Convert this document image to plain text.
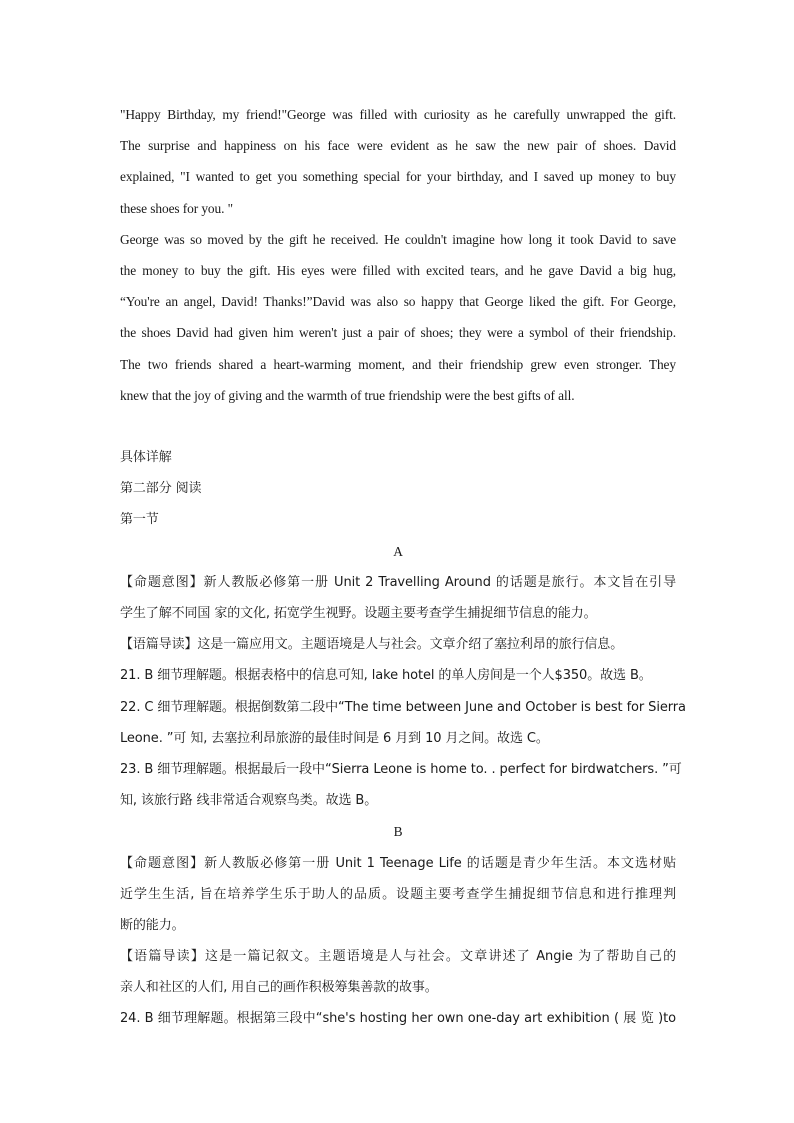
"Happy Birthday, my friend!"George was filled with curiosity as he carefully unwrapped the gift.
The surprise and happiness on his face were evident as he saw the new pair of shoes. David
explained, "I wanted to get you something special for your birthday, and I saved up money to buy
these shoes for you. "
George was so moved by the gift he received. He couldn't imagine how long it took David to save
the money to buy the gift. His eyes were filled with excited tears, and he gave David a big hug,
“You're an angel, David! Thanks!”David was also so happy that George liked the gift. For George,
the shoes David had given him weren't just a pair of shoes; they were a symbol of their friendship.
The two friends shared a heart-warming moment, and their friendship grew even stronger. They
knew that the joy of giving and the warmth of true friendship were the best gifts of all.
具体详解
第二部分 阅读
第一节
A
【命题意图】新人教版必修第一册 Unit 2 Travelling Around 的话题是旅行。本文旨在引导
学生了解不同国 家的文化, 拓宽学生视野。设题主要考查学生捕捉细节信息的能力。
【语篇导读】这是一篇应用文。主题语境是人与社会。文章介绍了塞拉利昂的旅行信息。
21. B 细节理解题。根据表格中的信息可知, lake hotel 的单人房间是一个人$350。故选 B。
22. C 细节理解题。根据倒数第二段中“The time between June and October is best for Sierra
Leone. ”可 知, 去塞拉利昂旅游的最佳时间是 6 月到 10 月之间。故选 C。
23. B 细节理解题。根据最后一段中“Sierra Leone is home to. . perfect for birdwatchers. ”可
知, 该旅行路 线非常适合观察鸟类。故选 B。
B
【命题意图】新人教版必修第一册 Unit 1 Teenage Life 的话题是青少年生活。本文选材贴
近学生生活, 旨在培养学生乐于助人的品质。设题主要考查学生捕捉细节信息和进行推理判
断的能力。
【语篇导读】这是一篇记叙文。主题语境是人与社会。文章讲述了 Angie 为了帮助自己的
亲人和社区的人们, 用自己的画作积极筹集善款的故事。
24. B 细节理解题。根据第三段中“she's hosting her own one-day art exhibition ( 展 览 )to
